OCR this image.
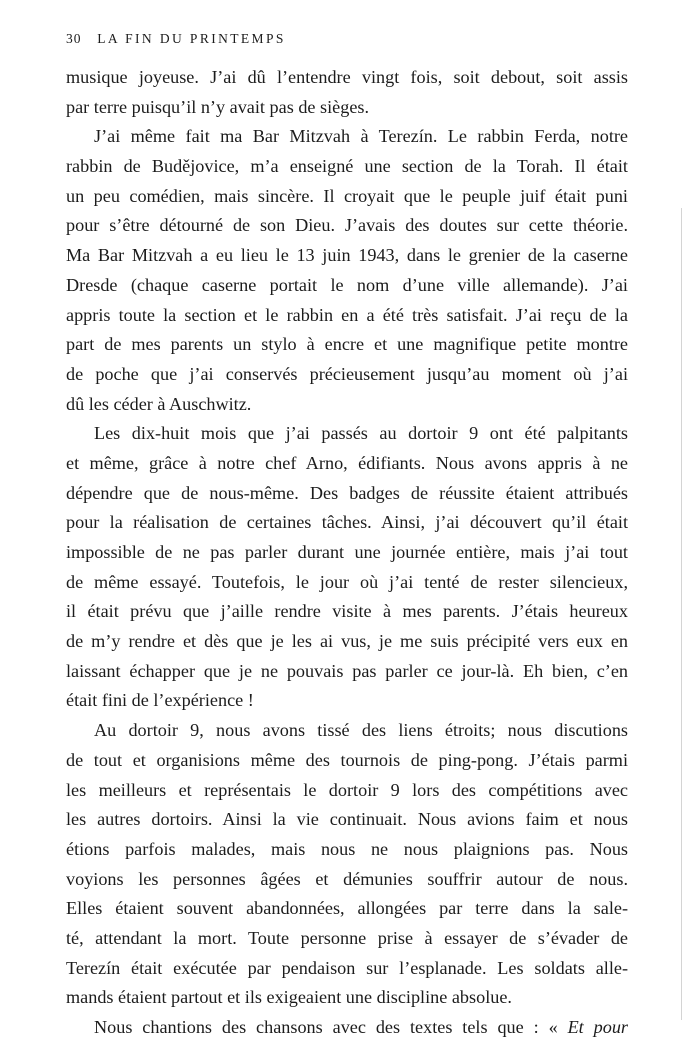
30 LA FIN DU PRINTEMPS
musique joyeuse. J’ai dû l’entendre vingt fois, soit debout, soit assis
par terre puisqu’il n’y avait pas de sièges.
J’ai même fait ma Bar Mitzvah à Terezín. Le rabbin Ferda, notre
rabbin de Budějovice, m’a enseigné une section de la Torah. Il était
un peu comédien, mais sincère. Il croyait que le peuple juif était puni
pour s’être détourné de son Dieu. J’avais des doutes sur cette théorie.
Ma Bar Mitzvah a eu lieu le 13 juin 1943, dans le grenier de la caserne
Dresde (chaque caserne portait le nom d’une ville allemande). J’ai
appris toute la section et le rabbin en a été très satisfait. J’ai reçu de la
part de mes parents un stylo à encre et une magnifique petite montre
de poche que j’ai conservés précieusement jusqu’au moment où j’ai
dû les céder à Auschwitz.
Les dix-huit mois que j’ai passés au dortoir 9 ont été palpitants
et même, grâce à notre chef Arno, édifiants. Nous avons appris à ne
dépendre que de nous-même. Des badges de réussite étaient attribués
pour la réalisation de certaines tâches. Ainsi, j’ai découvert qu’il était
impossible de ne pas parler durant une journée entière, mais j’ai tout
de même essayé. Toutefois, le jour où j’ai tenté de rester silencieux,
il était prévu que j’aille rendre visite à mes parents. J’étais heureux
de m’y rendre et dès que je les ai vus, je me suis précipité vers eux en
laissant échapper que je ne pouvais pas parler ce jour-là. Eh bien, c’en
était fini de l’expérience !
Au dortoir 9, nous avons tissé des liens étroits; nous discutions
de tout et organisions même des tournois de ping-pong. J’étais parmi
les meilleurs et représentais le dortoir 9 lors des compétitions avec
les autres dortoirs. Ainsi la vie continuait. Nous avions faim et nous
étions parfois malades, mais nous ne nous plaignions pas. Nous
voyions les personnes âgées et démunies souffrir autour de nous.
Elles étaient souvent abandonnées, allongées par terre dans la sale-
té, attendant la mort. Toute personne prise à essayer de s’évader de
Terezín était exécutée par pendaison sur l’esplanade. Les soldats alle-
mands étaient partout et ils exigeaient une discipline absolue.
Nous chantions des chansons avec des textes tels que : « Et pour
